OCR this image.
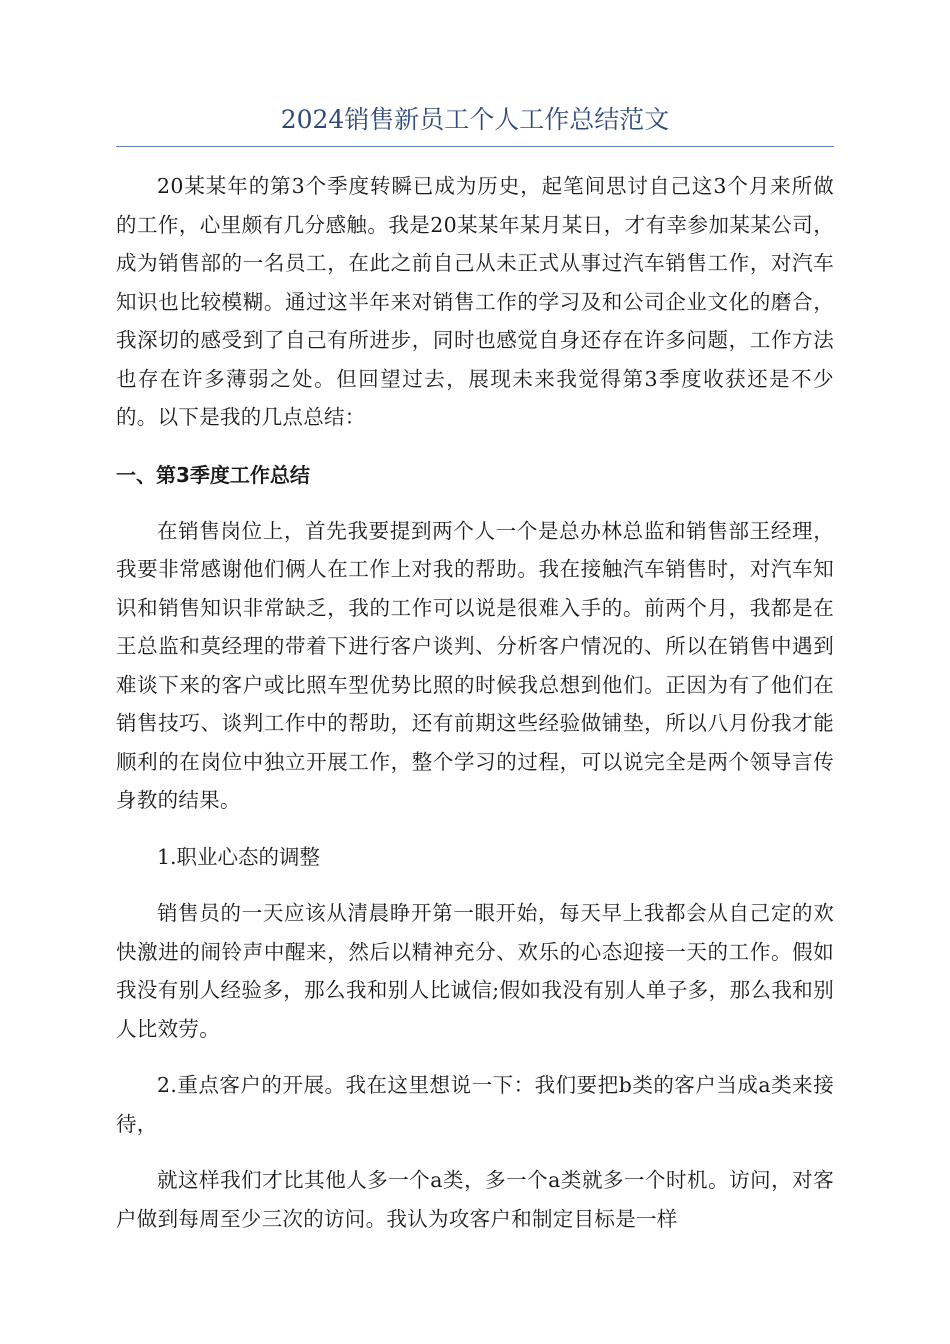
2024销售新员工个人工作总结范文

20某某年的第3个季度转瞬已成为历史，起笔间思讨自己这3个月来所做的工作，心里颇有几分感触。我是20某某年某月某日，才有幸参加某某公司，成为销售部的一名员工，在此之前自己从未正式从事过汽车销售工作，对汽车知识也比较模糊。通过这半年来对销售工作的学习及和公司企业文化的磨合，我深切的感受到了自己有所进步，同时也感觉自身还存在许多问题，工作方法也存在许多薄弱之处。但回望过去，展现未来我觉得第3季度收获还是不少的。以下是我的几点总结：

一、第3季度工作总结

在销售岗位上，首先我要提到两个人一个是总办林总监和销售部王经理，我要非常感谢他们俩人在工作上对我的帮助。我在接触汽车销售时，对汽车知识和销售知识非常缺乏，我的工作可以说是很难入手的。前两个月，我都是在王总监和莫经理的带着下进行客户谈判、分析客户情况的、所以在销售中遇到难谈下来的客户或比照车型优势比照的时候我总想到他们。正因为有了他们在销售技巧、谈判工作中的帮助，还有前期这些经验做铺垫，所以八月份我才能顺利的在岗位中独立开展工作，整个学习的过程，可以说完全是两个领导言传身教的结果。

1.职业心态的调整

销售员的一天应该从清晨睁开第一眼开始，每天早上我都会从自己定的欢快激进的闹铃声中醒来，然后以精神充分、欢乐的心态迎接一天的工作。假如我没有别人经验多，那么我和别人比诚信;假如我没有别人单子多，那么我和别人比效劳。

2.重点客户的开展。我在这里想说一下：我们要把b类的客户当成a类来接待，

就这样我们才比其他人多一个a类，多一个a类就多一个时机。访问，对客户做到每周至少三次的访问。我认为攻客户和制定目标是一样
